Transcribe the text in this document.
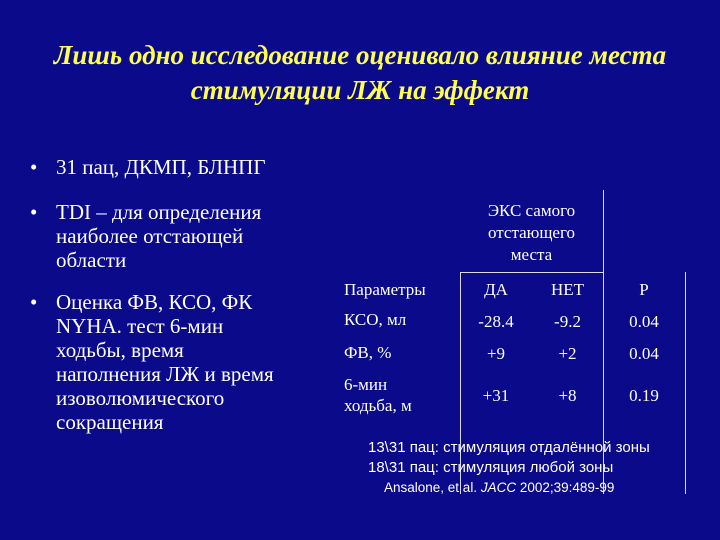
Лишь одно исследование оценивало влияние места
стимуляции ЛЖ на эффект
• 31 пац, ДКМП, БЛНПГ
• TDI – для определения
наиболее отстающей
области
• Оценка ФВ, КСО, ФК
NYHA. тест 6-мин
ходьбы, время
наполнения ЛЖ и время
изоволюмического
сокращения
ЭКС самого
отстающего
места
Параметры	ДА	НЕТ	P
КСО, мл	-28.4	-9.2	0.04
ФВ, %	+9	+2	0.04
6-мин
ходьба, м
+31	+8	0.19
13\31 пац: стимуляция отдалённой зоны
18\31 пац: стимуляция любой зоны
Ansalone, et al. JACC 2002;39:489-99
